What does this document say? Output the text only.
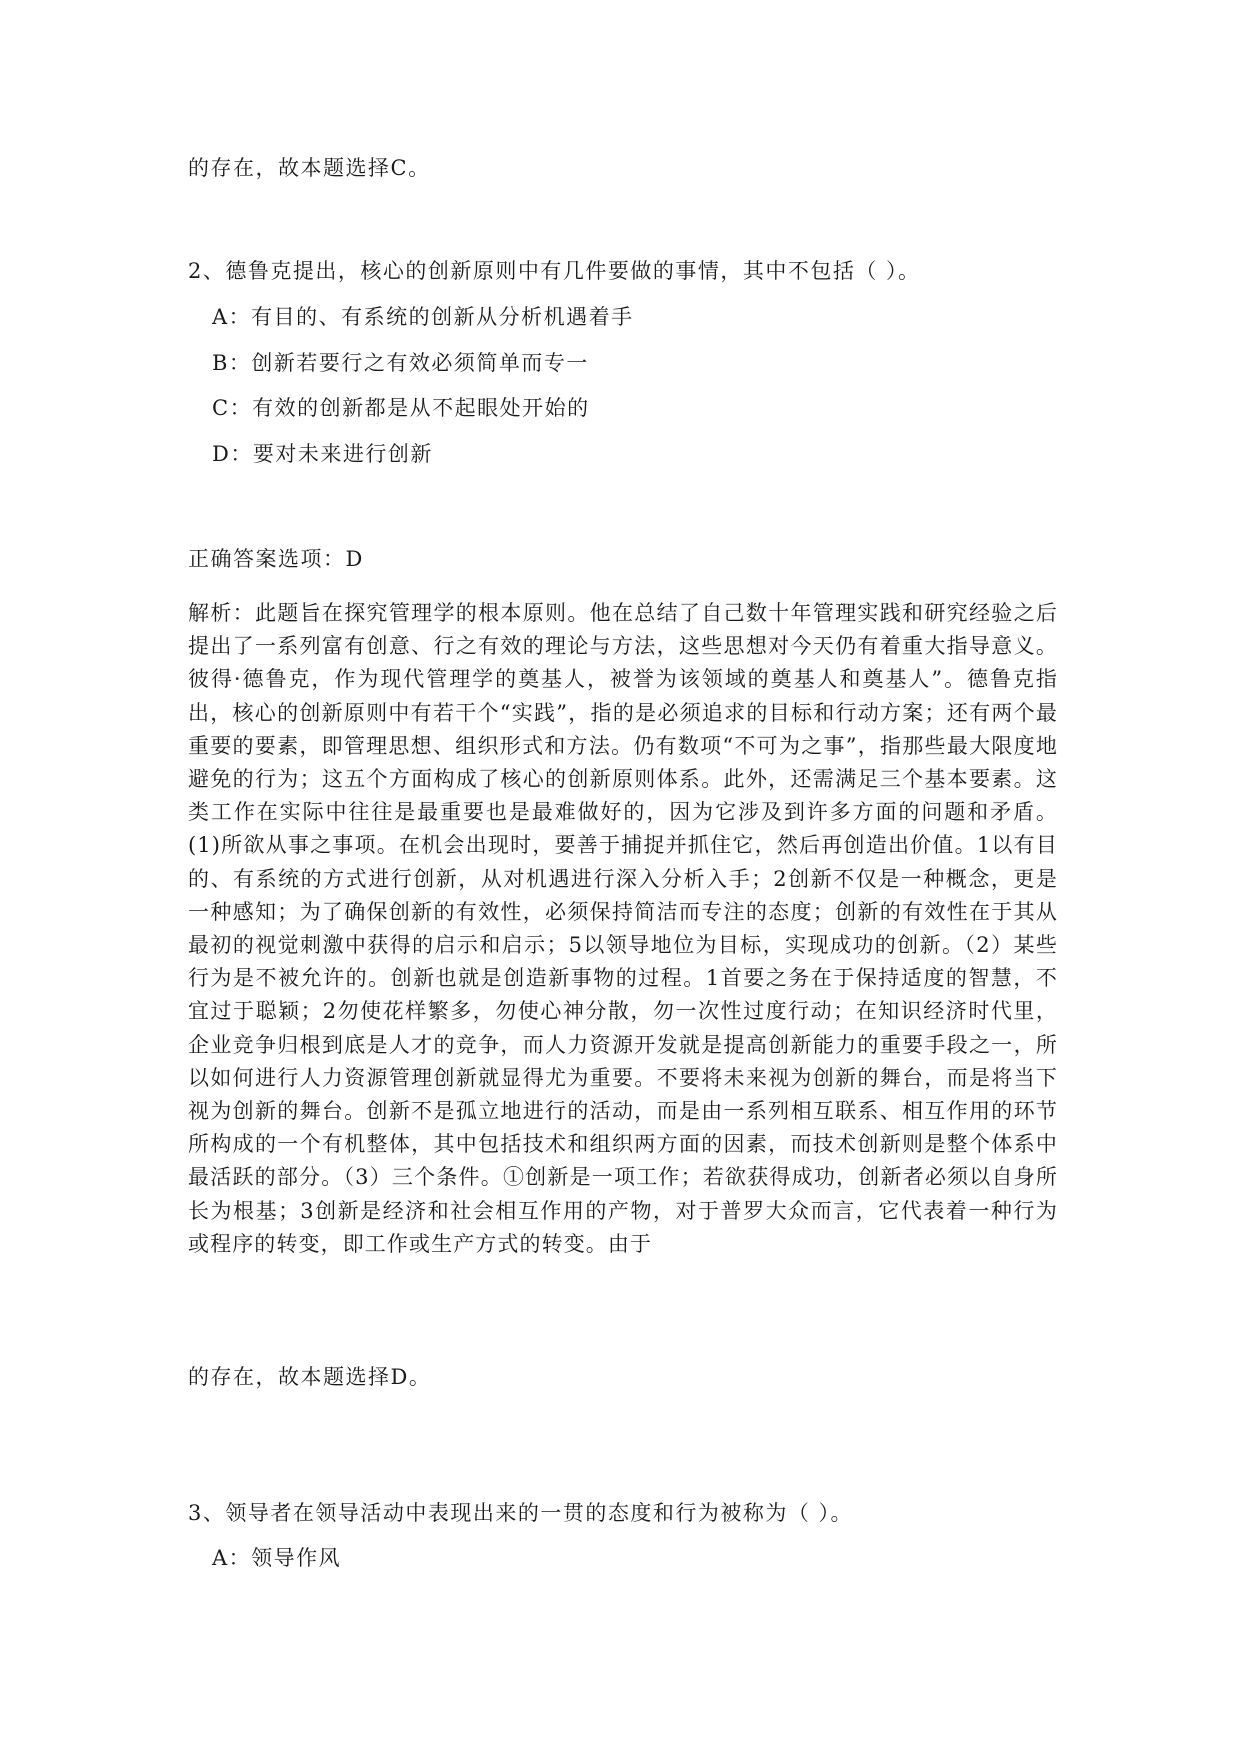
的存在，故本题选择C。
2、德鲁克提出，核心的创新原则中有几件要做的事情，其中不包括（ ）。
A：有目的、有系统的创新从分析机遇着手
B：创新若要行之有效必须简单而专一
C：有效的创新都是从不起眼处开始的
D：要对未来进行创新
正确答案选项：D
解析：此题旨在探究管理学的根本原则。他在总结了自己数十年管理实践和研究经验之后提出了一系列富有创意、行之有效的理论与方法，这些思想对今天仍有着重大指导意义。彼得·德鲁克，作为现代管理学的奠基人，被誉为该领域的奠基人和奠基人”。德鲁克指出，核心的创新原则中有若干个“实践”，指的是必须追求的目标和行动方案；还有两个最重要的要素，即管理思想、组织形式和方法。仍有数项“不可为之事”，指那些最大限度地避免的行为；这五个方面构成了核心的创新原则体系。此外，还需满足三个基本要素。这类工作在实际中往往是最重要也是最难做好的，因为它涉及到许多方面的问题和矛盾。(1)所欲从事之事项。在机会出现时，要善于捕捉并抓住它，然后再创造出价值。1以有目的、有系统的方式进行创新，从对机遇进行深入分析入手；2创新不仅是一种概念，更是一种感知；为了确保创新的有效性，必须保持简洁而专注的态度；创新的有效性在于其从最初的视觉刺激中获得的启示和启示；5以领导地位为目标，实现成功的创新。（2）某些行为是不被允许的。创新也就是创造新事物的过程。1首要之务在于保持适度的智慧，不宜过于聪颖；2勿使花样繁多，勿使心神分散，勿一次性过度行动；在知识经济时代里，企业竞争归根到底是人才的竞争，而人力资源开发就是提高创新能力的重要手段之一，所以如何进行人力资源管理创新就显得尤为重要。不要将未来视为创新的舞台，而是将当下视为创新的舞台。创新不是孤立地进行的活动，而是由一系列相互联系、相互作用的环节所构成的一个有机整体，其中包括技术和组织两方面的因素，而技术创新则是整个体系中最活跃的部分。（3）三个条件。①创新是一项工作；若欲获得成功，创新者必须以自身所长为根基；3创新是经济和社会相互作用的产物，对于普罗大众而言，它代表着一种行为或程序的转变，即工作或生产方式的转变。由于
的存在，故本题选择D。
3、领导者在领导活动中表现出来的一贯的态度和行为被称为（ ）。
A：领导作风
